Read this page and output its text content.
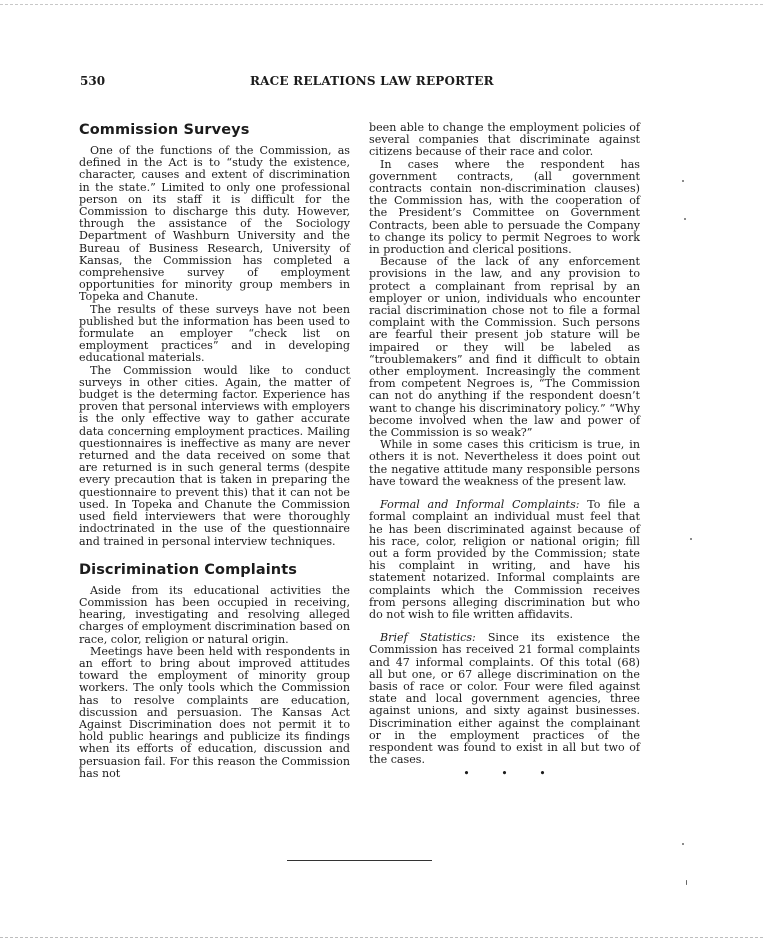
530	RACE RELATIONS LAW REPORTER
Commission Surveys

One of the functions of the Commission, as defined in the Act is to “study the existence, character, causes and extent of discrimination in the state.” Limited to only one professional person on its staff it is difficult for the Commission to discharge this duty. However, through the assistance of the Sociology Department of Washburn University and the Bureau of Business Research, University of Kansas, the Commission has completed a comprehensive survey of employment opportunities for minority group members in Topeka and Chanute.

The results of these surveys have not been published but the information has been used to formulate an employer “check list on employment practices” and in developing educational materials.

The Commission would like to conduct surveys in other cities. Again, the matter of budget is the determing factor. Experience has proven that personal interviews with employers is the only effective way to gather accurate data concerning employment practices. Mailing questionnaires is ineffective as many are never returned and the data received on some that are returned is in such general terms (despite every precaution that is taken in preparing the questionnaire to prevent this) that it can not be used. In Topeka and Chanute the Commission used field interviewers that were thoroughly indoctrinated in the use of the questionnaire and trained in personal interview techniques.

Discrimination Complaints

Aside from its educational activities the Commission has been occupied in receiving, hearing, investigating and resolving alleged charges of employment discrimination based on race, color, religion or natural origin.

Meetings have been held with respondents in an effort to bring about improved attitudes toward the employment of minority group workers. The only tools which the Commission has to resolve complaints are education, discussion and persuasion. The Kansas Act Against Discrimination does not permit it to hold public hearings and publicize its findings when its efforts of education, discussion and persuasion fail. For this reason the Commission has not

been able to change the employment policies of several companies that discriminate against citizens because of their race and color.

In cases where the respondent has government contracts, (all government contracts contain non-discrimination clauses) the Commission has, with the cooperation of the President’s Committee on Government Contracts, been able to persuade the Company to change its policy to permit Negroes to work in production and clerical positions.

Because of the lack of any enforcement provisions in the law, and any provision to protect a complainant from reprisal by an employer or union, individuals who encounter racial discrimination chose not to file a formal complaint with the Commission. Such persons are fearful their present job stature will be impaired or they will be labeled as “troublemakers” and find it difficult to obtain other employment. Increasingly the comment from competent Negroes is, “The Commission can not do anything if the respondent doesn’t want to change his discriminatory policy.” “Why become involved when the law and power of the Commission is so weak?”

While in some cases this criticism is true, in others it is not. Nevertheless it does point out the negative attitude many responsible persons have toward the weakness of the present law.

Formal and Informal Complaints: To file a formal complaint an individual must feel that he has been discriminated against because of his race, color, religion or national origin; fill out a form provided by the Commission; state his complaint in writing, and have his statement notarized. Informal complaints are complaints which the Commission receives from persons alleging discrimination but who do not wish to file written affidavits.

Brief Statistics: Since its existence the Commission has received 21 formal complaints and 47 informal complaints. Of this total (68) all but one, or 67 allege discrimination on the basis of race or color. Four were filed against state and local government agencies, three against unions, and sixty against businesses. Discrimination either against the complainant or in the employment practices of the respondent was found to exist in all but two of the cases.

• • •
